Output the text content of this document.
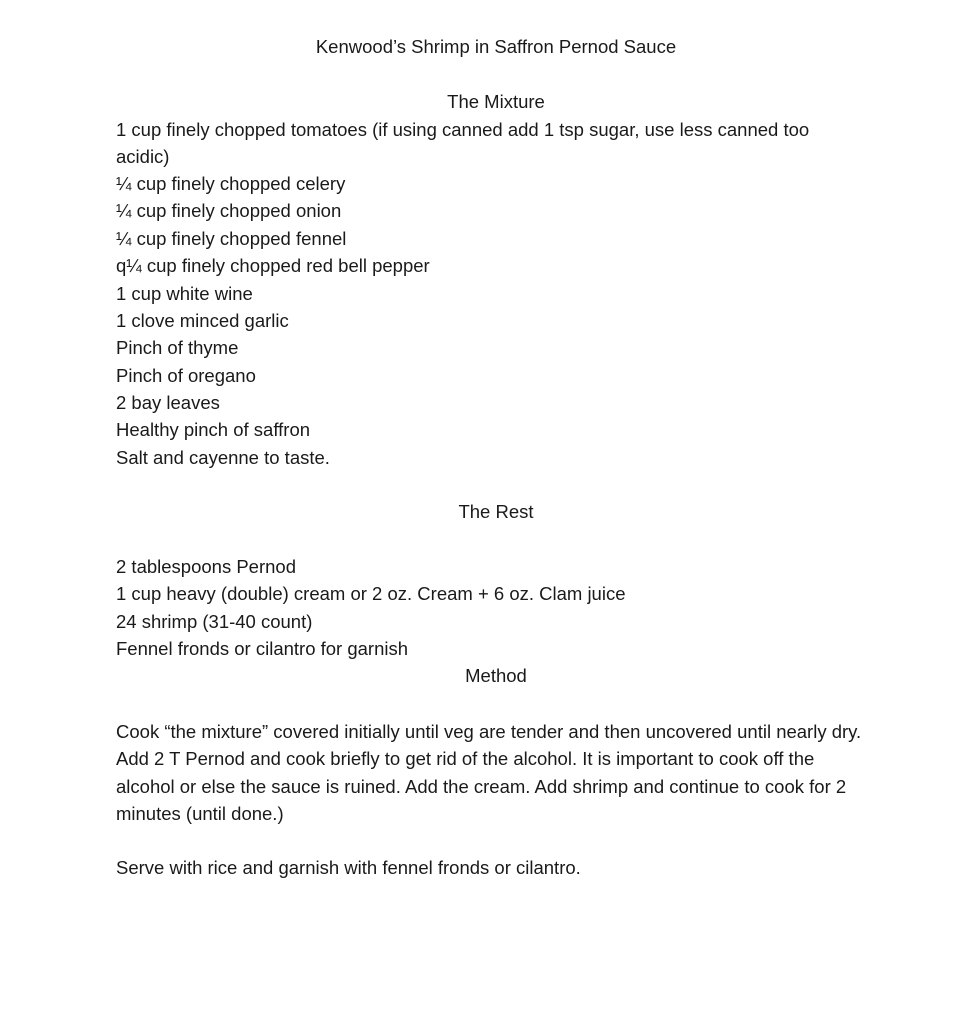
Kenwood’s Shrimp in Saffron Pernod Sauce
The Mixture
1 cup finely chopped tomatoes (if using canned add 1 tsp sugar, use less canned too
acidic)
¼ cup finely chopped celery
¼ cup finely chopped onion
¼ cup finely chopped fennel
q¼ cup finely chopped red bell pepper
1 cup white wine
1 clove minced garlic
Pinch of thyme
Pinch of oregano
2 bay leaves
Healthy pinch of saffron
Salt and cayenne to taste.
The Rest
2 tablespoons Pernod
1 cup heavy (double) cream or 2 oz. Cream + 6 oz. Clam juice
24 shrimp (31-40 count)
Fennel fronds or cilantro for garnish
Method
Cook “the mixture” covered initially until veg are tender and then uncovered until nearly dry. Add 2 T Pernod and cook briefly to get rid of the alcohol. It is important to cook off the alcohol or else the sauce is ruined. Add the cream. Add shrimp and continue to cook for 2 minutes (until done.)
Serve with rice and garnish with fennel fronds or cilantro.
